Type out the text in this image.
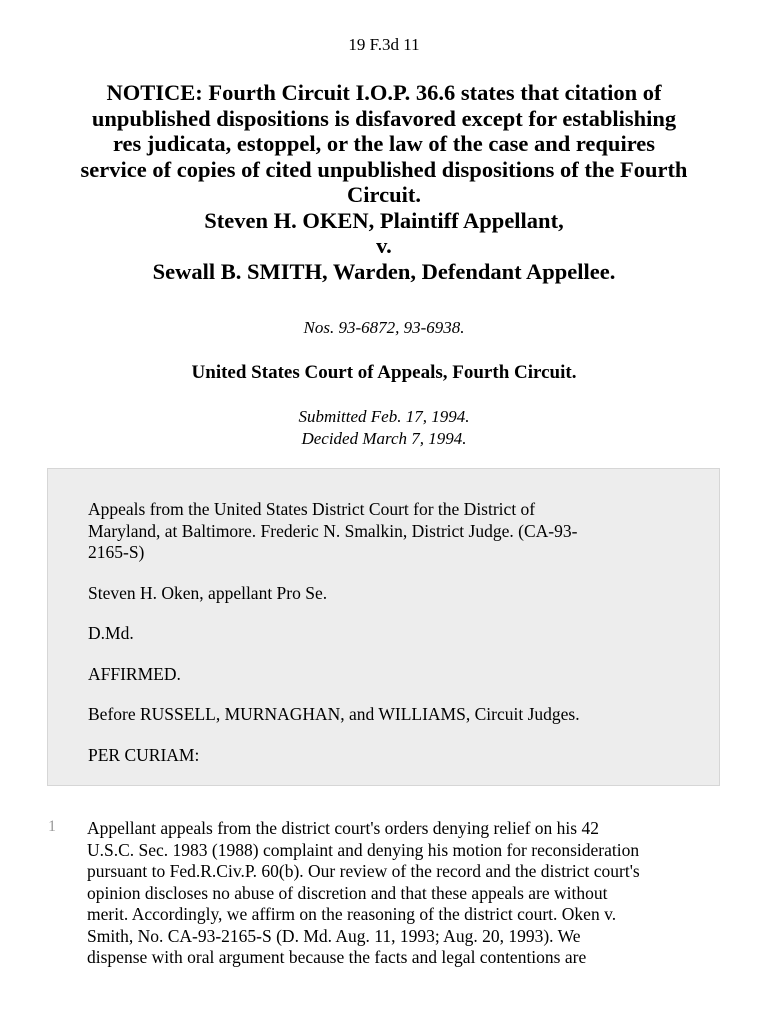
19 F.3d 11
NOTICE: Fourth Circuit I.O.P. 36.6 states that citation of
unpublished dispositions is disfavored except for establishing
res judicata, estoppel, or the law of the case and requires
service of copies of cited unpublished dispositions of the Fourth
Circuit.
Steven H. OKEN, Plaintiff Appellant,
v.
Sewall B. SMITH, Warden, Defendant Appellee.
Nos. 93-6872, 93-6938.
United States Court of Appeals, Fourth Circuit.
Submitted Feb. 17, 1994.
Decided March 7, 1994.

Appeals from the United States District Court for the District of
Maryland, at Baltimore. Frederic N. Smalkin, District Judge. (CA-93-
2165-S)

Steven H. Oken, appellant Pro Se.

D.Md.

AFFIRMED.

Before RUSSELL, MURNAGHAN, and WILLIAMS, Circuit Judges.

PER CURIAM:

1	Appellant appeals from the district court's orders denying relief on his 42
U.S.C. Sec. 1983 (1988) complaint and denying his motion for reconsideration
pursuant to Fed.R.Civ.P. 60(b). Our review of the record and the district court's
opinion discloses no abuse of discretion and that these appeals are without
merit. Accordingly, we affirm on the reasoning of the district court. Oken v.
Smith, No. CA-93-2165-S (D. Md. Aug. 11, 1993; Aug. 20, 1993). We
dispense with oral argument because the facts and legal contentions are
